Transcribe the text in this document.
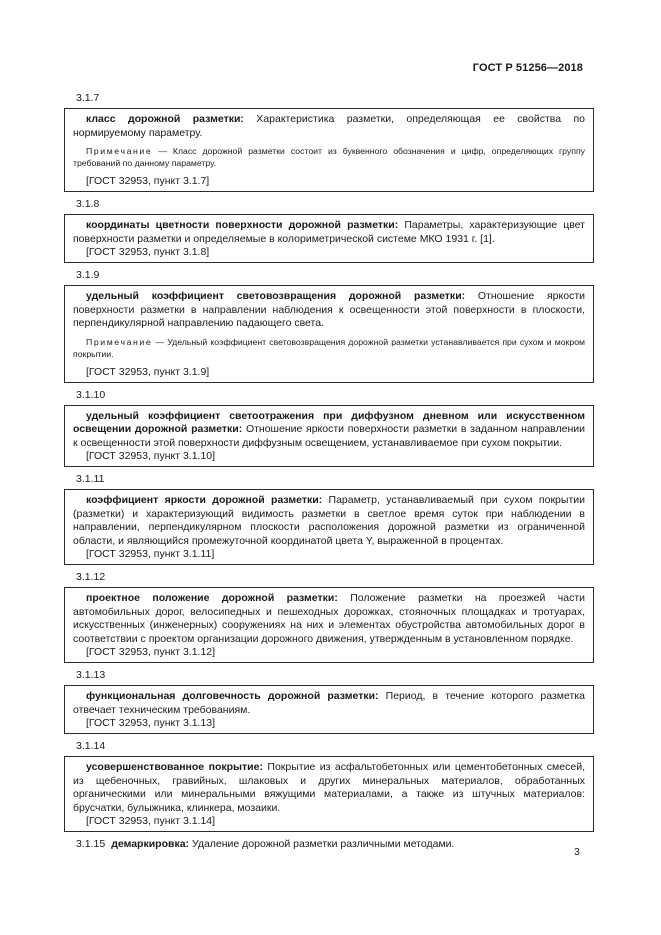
ГОСТ Р 51256—2018
3.1.7

класс дорожной разметки: Характеристика разметки, определяющая ее свойства по нормируемому параметру.

Примечание — Класс дорожной разметки состоит из буквенного обозначения и цифр, определяющих группу требований по данному параметру.

[ГОСТ 32953, пункт 3.1.7]

3.1.8

координаты цветности поверхности дорожной разметки: Параметры, характеризующие цвет поверхности разметки и определяемые в колориметрической системе МКО 1931 г. [1].

[ГОСТ 32953, пункт 3.1.8]

3.1.9

удельный коэффициент световозвращения дорожной разметки: Отношение яркости поверхности разметки в направлении наблюдения к освещенности этой поверхности в плоскости, перпендикулярной направлению падающего света.

Примечание — Удельный коэффициент световозвращения дорожной разметки устанавливается при сухом и мокром покрытии.

[ГОСТ 32953, пункт 3.1.9]

3.1.10

удельный коэффициент светоотражения при диффузном дневном или искусственном освещении дорожной разметки: Отношение яркости поверхности разметки в заданном направлении к освещенности этой поверхности диффузным освещением, устанавливаемое при сухом покрытии.

[ГОСТ 32953, пункт 3.1.10]

3.1.11

коэффициент яркости дорожной разметки: Параметр, устанавливаемый при сухом покрытии (разметки) и характеризующий видимость разметки в светлое время суток при наблюдении в направлении, перпендикулярном плоскости расположения дорожной разметки из ограниченной области, и являющийся промежуточной координатой цвета Y, выраженной в процентах.

[ГОСТ 32953, пункт 3.1.11]

3.1.12

проектное положение дорожной разметки: Положение разметки на проезжей части автомобильных дорог, велосипедных и пешеходных дорожках, стояночных площадках и тротуарах, искусственных (инженерных) сооружениях на них и элементах обустройства автомобильных дорог в соответствии с проектом организации дорожного движения, утвержденным в установленном порядке.

[ГОСТ 32953, пункт 3.1.12]

3.1.13

функциональная долговечность дорожной разметки: Период, в течение которого разметка отвечает техническим требованиям.

[ГОСТ 32953, пункт 3.1.13]

3.1.14

усовершенствованное покрытие: Покрытие из асфальтобетонных или цементобетонных смесей, из щебеночных, гравийных, шлаковых и других минеральных материалов, обработанных органическими или минеральными вяжущими материалами, а также из штучных материалов: брусчатки, булыжника, клинкера, мозаики.

[ГОСТ 32953, пункт 3.1.14]

3.1.15 демаркировка: Удаление дорожной разметки различными методами.

3
